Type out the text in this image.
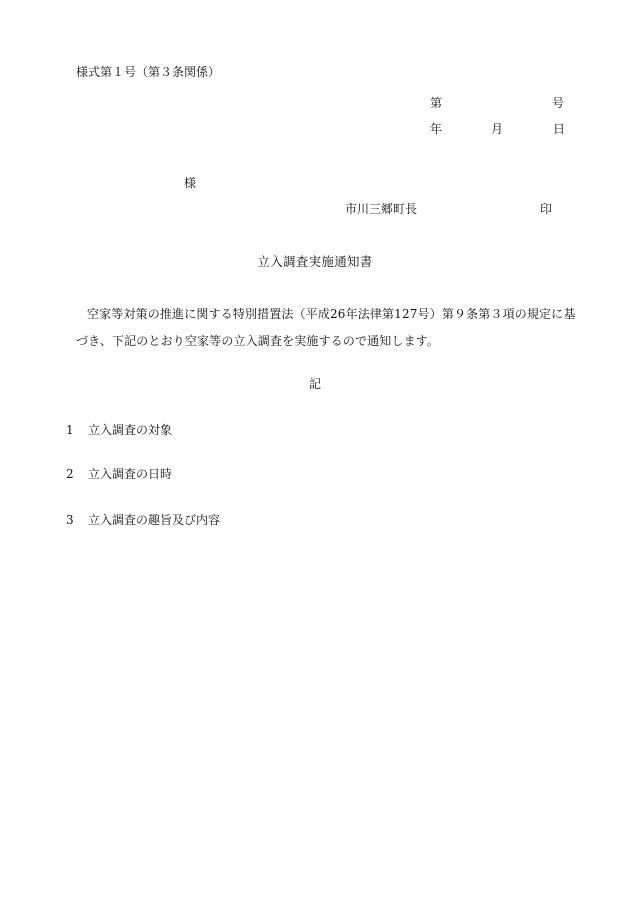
様式第１号（第３条関係）
第	号
年	月	日
様
市川三郷町長	印
立入調査実施通知書
空家等対策の推進に関する特別措置法（平成26年法律第127号）第９条第３項の規定に基
づき、下記のとおり空家等の立入調査を実施するので通知します。
記
1 立入調査の対象
2 立入調査の日時
3 立入調査の趣旨及び内容
